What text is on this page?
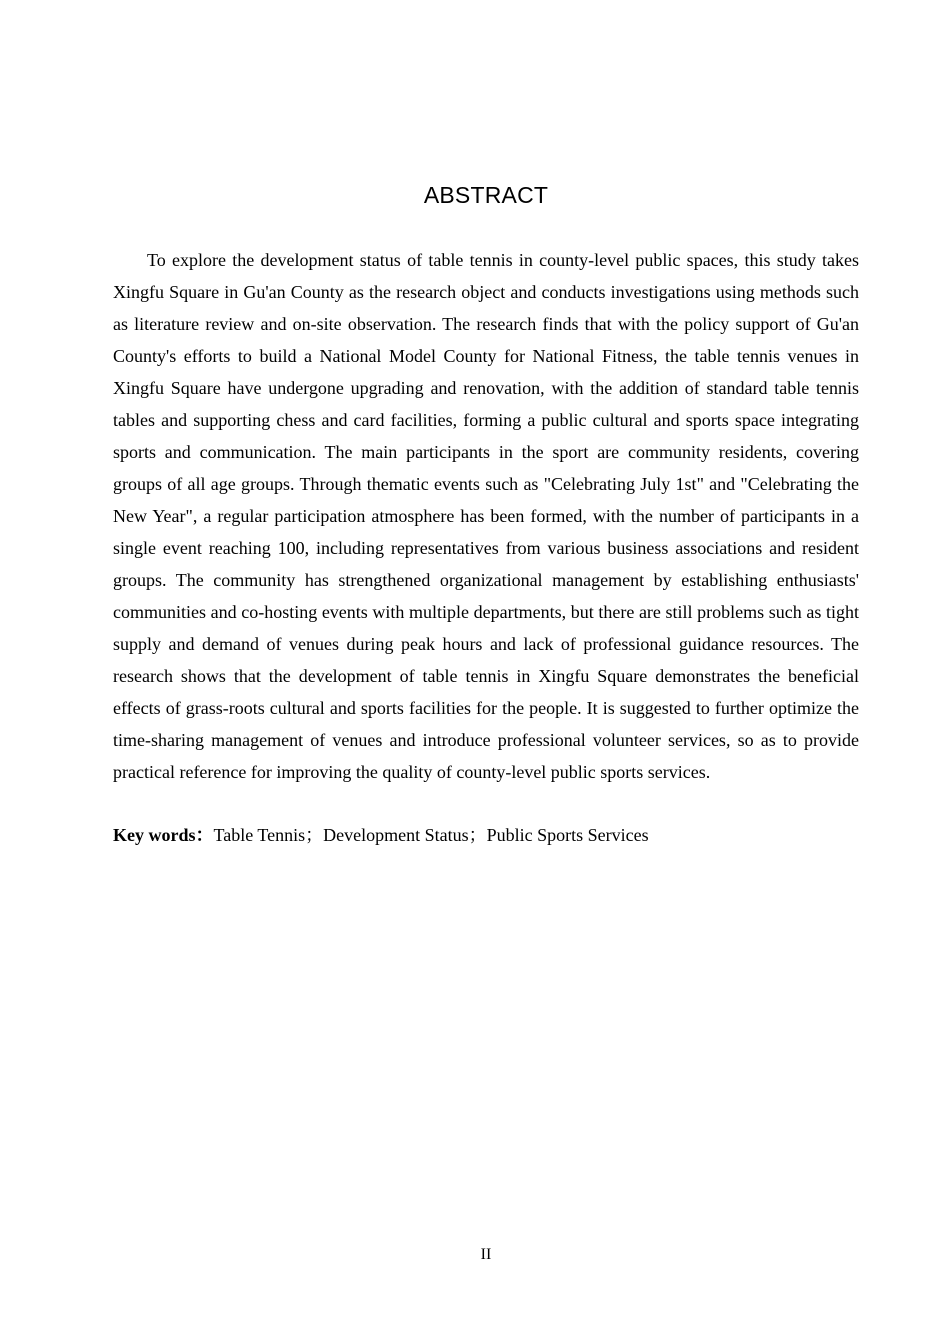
ABSTRACT

To explore the development status of table tennis in county-level public spaces, this study takes Xingfu Square in Gu'an County as the research object and conducts investigations using methods such as literature review and on-site observation. The research finds that with the policy support of Gu'an County's efforts to build a National Model County for National Fitness, the table tennis venues in Xingfu Square have undergone upgrading and renovation, with the addition of standard table tennis tables and supporting chess and card facilities, forming a public cultural and sports space integrating sports and communication. The main participants in the sport are community residents, covering groups of all age groups. Through thematic events such as "Celebrating July 1st" and "Celebrating the New Year", a regular participation atmosphere has been formed, with the number of participants in a single event reaching 100, including representatives from various business associations and resident groups. The community has strengthened organizational management by establishing enthusiasts' communities and co-hosting events with multiple departments, but there are still problems such as tight supply and demand of venues during peak hours and lack of professional guidance resources. The research shows that the development of table tennis in Xingfu Square demonstrates the beneficial effects of grass-roots cultural and sports facilities for the people. It is suggested to further optimize the time-sharing management of venues and introduce professional volunteer services, so as to provide practical reference for improving the quality of county-level public sports services.

Key words：Table Tennis；Development Status；Public Sports Services
II
